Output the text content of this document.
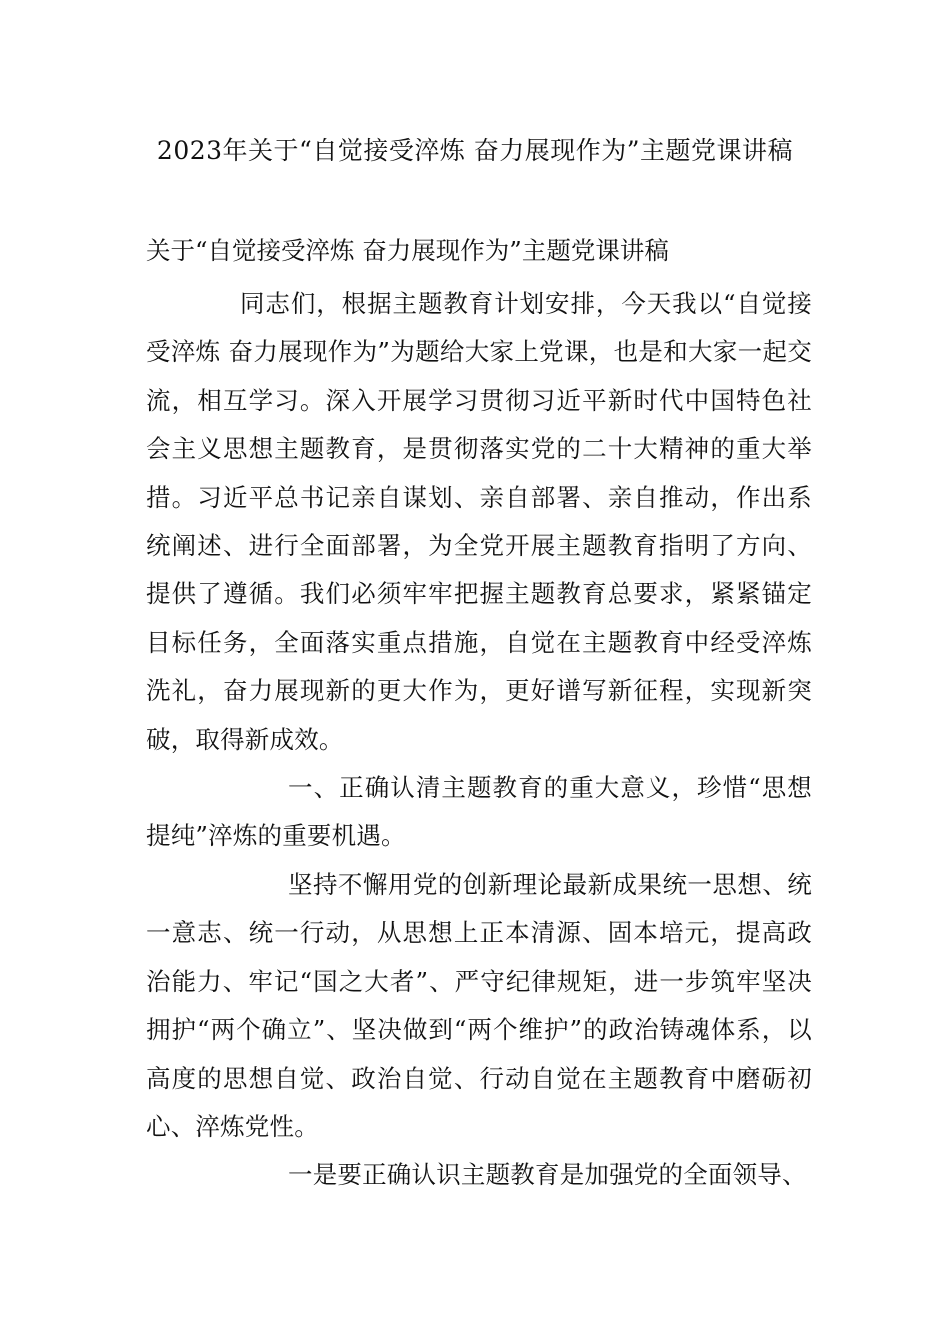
2023年关于“自觉接受淬炼 奋力展现作为”主题党课讲稿

关于“自觉接受淬炼 奋力展现作为”主题党课讲稿

同志们，根据主题教育计划安排，今天我以“自觉接受淬炼 奋力展现作为”为题给大家上党课，也是和大家一起交流，相互学习。深入开展学习贯彻习近平新时代中国特色社会主义思想主题教育，是贯彻落实党的二十大精神的重大举措。习近平总书记亲自谋划、亲自部署、亲自推动，作出系统阐述、进行全面部署，为全党开展主题教育指明了方向、提供了遵循。我们必须牢牢把握主题教育总要求，紧紧锚定目标任务，全面落实重点措施，自觉在主题教育中经受淬炼洗礼，奋力展现新的更大作为，更好谱写新征程，实现新突破，取得新成效。

一、正确认清主题教育的重大意义，珍惜“思想提纯”淬炼的重要机遇。

坚持不懈用党的创新理论最新成果统一思想、统一意志、统一行动，从思想上正本清源、固本培元，提高政治能力、牢记“国之大者”、严守纪律规矩，进一步筑牢坚决拥护“两个确立”、坚决做到“两个维护”的政治铸魂体系，以高度的思想自觉、政治自觉、行动自觉在主题教育中磨砺初心、淬炼党性。

一是要正确认识主题教育是加强党的全面领导、
